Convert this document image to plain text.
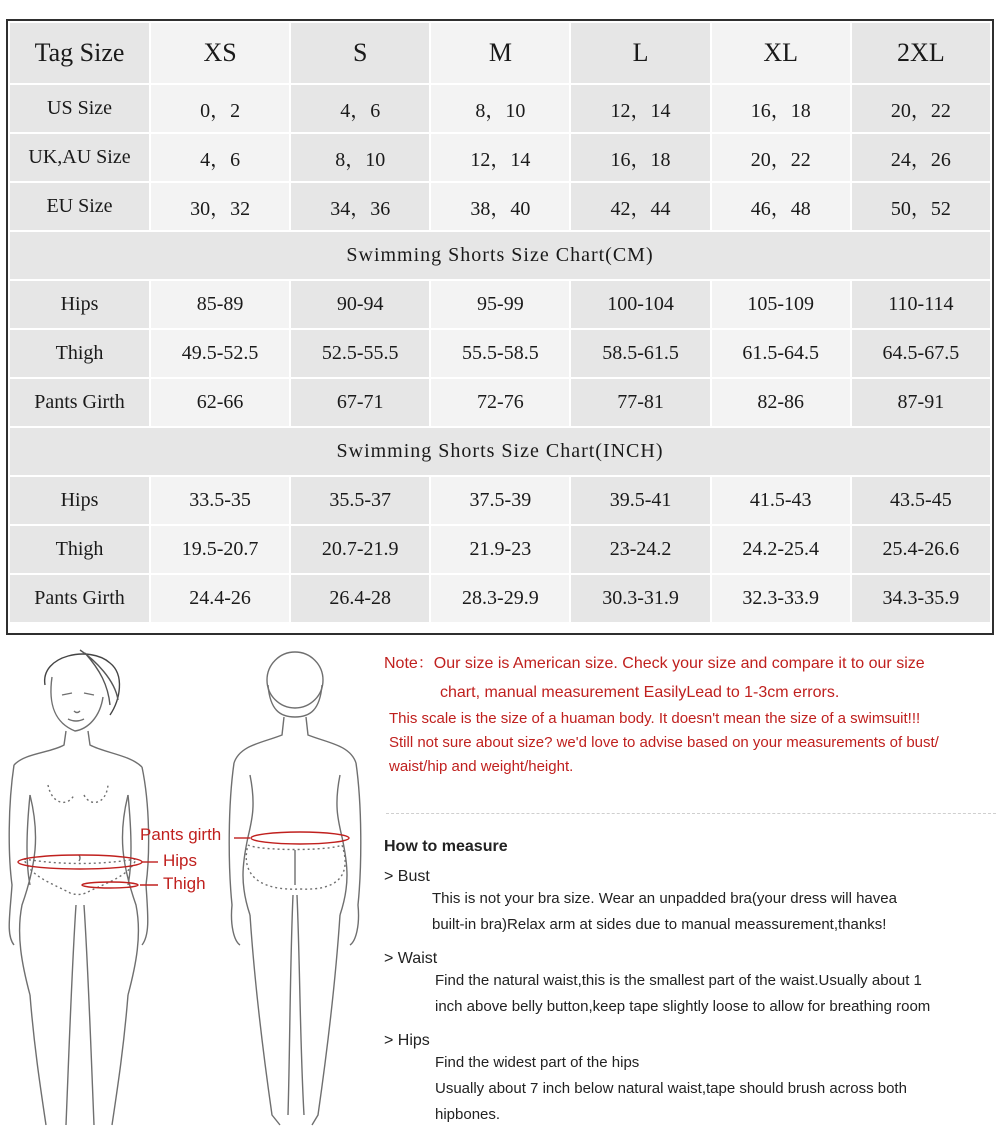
Tag Size	XS	S	M	L	XL	2XL
US Size	0，2	4，6	8，10	12，14	16，18	20，22
UK,AU Size	4，6	8，10	12，14	16，18	20，22	24，26
EU Size	30，32	34，36	38，40	42，44	46，48	50，52
Swimming Shorts Size Chart(CM)						
Hips	85-89	90-94	95-99	100-104	105-109	110-114
Thigh	49.5-52.5	52.5-55.5	55.5-58.5	58.5-61.5	61.5-64.5	64.5-67.5
Pants Girth	62-66	67-71	72-76	77-81	82-86	87-91
Swimming Shorts Size Chart(INCH)						
Hips	33.5-35	35.5-37	37.5-39	39.5-41	41.5-43	43.5-45
Thigh	19.5-20.7	20.7-21.9	21.9-23	23-24.2	24.2-25.4	25.4-26.6
Pants Girth	24.4-26	26.4-28	28.3-29.9	30.3-31.9	32.3-33.9	34.3-35.9
Pants girth
Hips
Thigh
Note：Our size is American size. Check your size and compare it to our size
chart, manual measurement EasilyLead to 1-3cm errors.
This scale is the size of a huaman body. It doesn't mean the size of a swimsuit!!!
Still not sure about size? we'd love to advise based on your measurements of bust/
waist/hip and weight/height.
How to measure
> Bust
This is not your bra size. Wear an unpadded bra(your dress will havea
built-in bra)Relax arm at sides due to manual meassurement,thanks!
> Waist
Find the natural waist,this is the smallest part of the waist.Usually about 1
inch above belly button,keep tape slightly loose to allow for breathing room
> Hips
Find the widest part of the hips
Usually about 7 inch below natural waist,tape should brush across both
hipbones.
